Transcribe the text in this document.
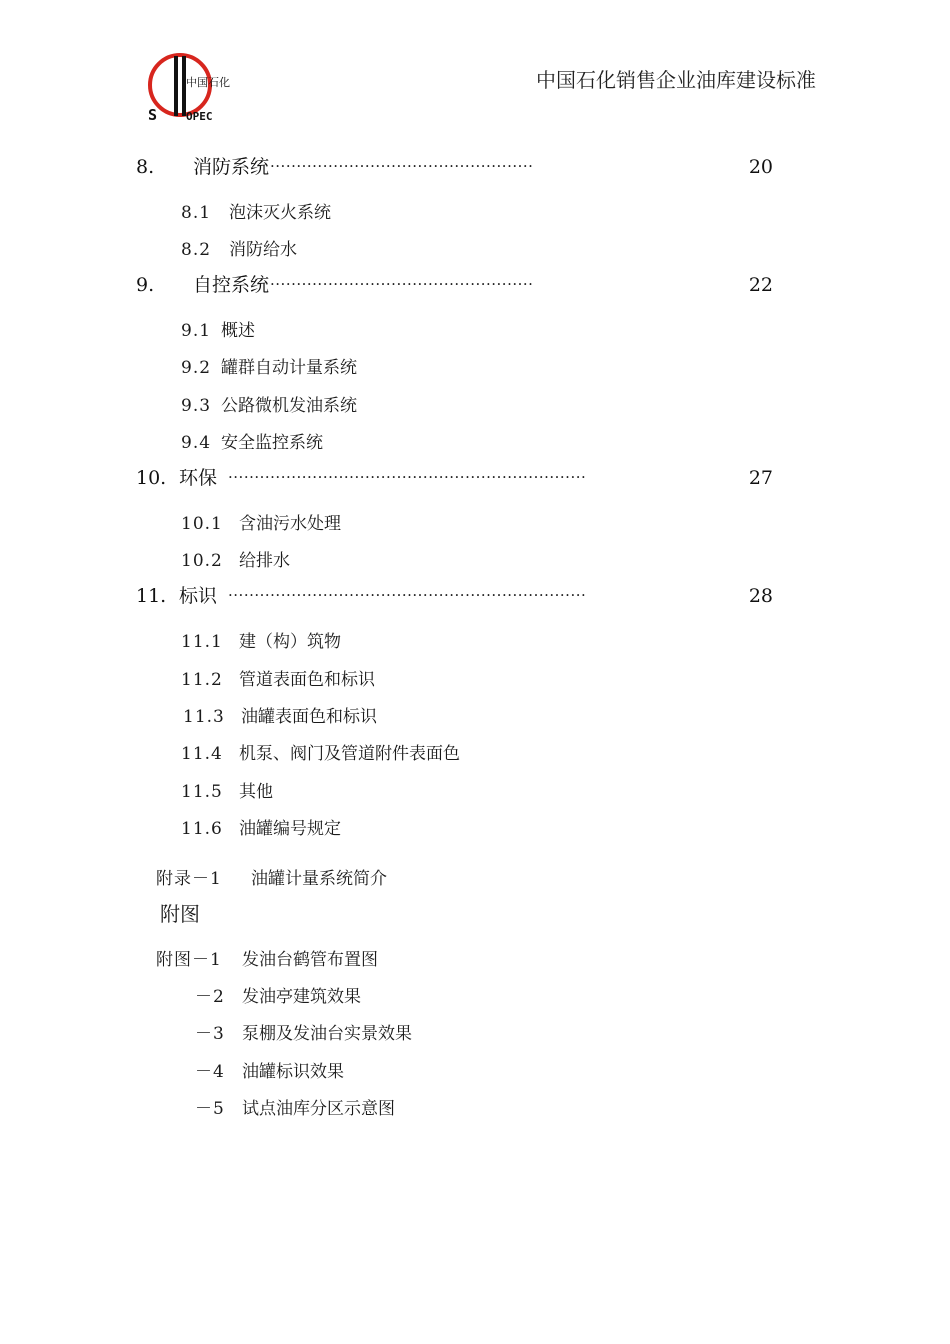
中国石化
S	OPEC
中国石化销售企业油库建设标准
8.	消防系统 ··················································	20
8.1 泡沫灭火系统
8.2 消防给水
9.	自控系统 ··················································	22
9.1 概述
9.2 罐群自动计量系统
9.3 公路微机发油系统
9.4 安全监控系统
10. 环保 ····································································	27
10.1 含油污水处理
10.2 给排水
11. 标识 ····································································	28
11.1 建（构）筑物
11.2 管道表面色和标识
11.3 油罐表面色和标识
11.4 机泵、阀门及管道附件表面色
11.5 其他
11.6 油罐编号规定
附录－1 油罐计量系统简介
附图
附图－1 发油台鹤管布置图
－2 发油亭建筑效果
－3 泵棚及发油台实景效果
－4 油罐标识效果
－5 试点油库分区示意图
